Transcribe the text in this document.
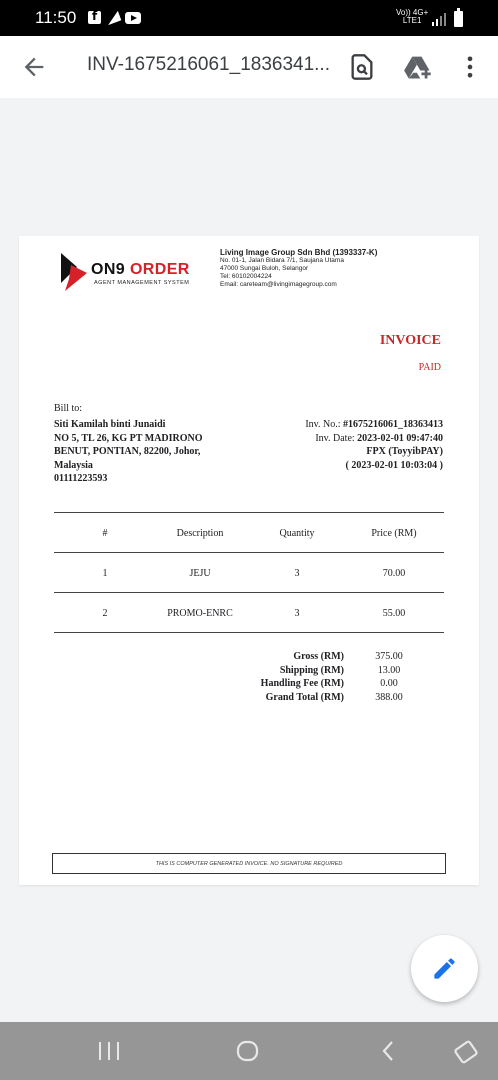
11:50
f	Vo)) 4G+
LTE1
INV-1675216061_1836341...
ON9 ORDER
AGENT MANAGEMENT SYSTEM
Living Image Group Sdn Bhd (1393337-K)
No. 01-1, Jalan Bidara 7/1, Saujana Utama
47000 Sungai Buloh, Selangor
Tel: 60102004224
Email: careteam@livingimagegroup.com
INVOICE
PAID
Bill to:
Siti Kamilah binti Junaidi
NO 5, TL 26, KG PT MADIRONO
BENUT, PONTIAN, 82200, Johor,
Malaysia
01111223593
Inv. No.: #1675216061_18363413
Inv. Date: 2023-02-01 09:47:40
FPX (ToyyibPAY)
( 2023-02-01 10:03:04 )
#	Description	Quantity	Price (RM)
1	JEJU	3	70.00
2	PROMO-ENRC	3	55.00
Gross (RM)
Shipping (RM)
Handling Fee (RM)
Grand Total (RM)
375.00
13.00
0.00
388.00
THIS IS COMPUTER GENERATED INVOICE. NO SIGNATURE REQUIRED
